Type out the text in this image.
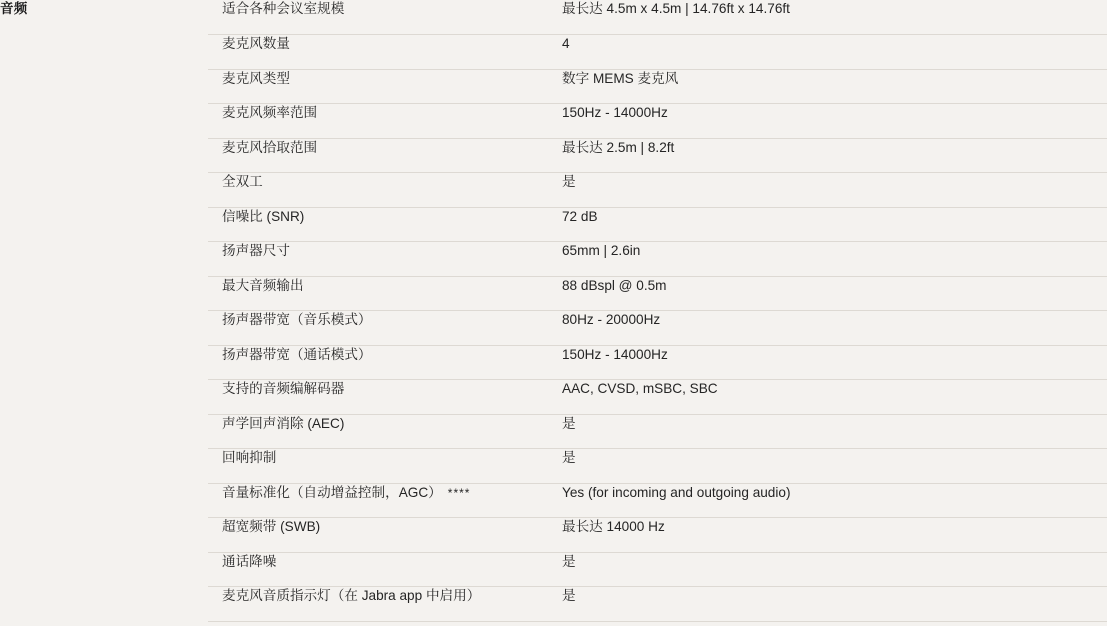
音频	适合各种会议室规模	最长达 4.5m x 4.5m | 14.76ft x 14.76ft
	麦克风数量	4
	麦克风类型	数字 MEMS 麦克风
	麦克风频率范围	150Hz - 14000Hz
	麦克风拾取范围	最长达 2.5m | 8.2ft
	全双工	是
	信噪比 (SNR)	72 dB
	扬声器尺寸	65mm | 2.6in
	最大音频输出	88 dBspl @ 0.5m
	扬声器带宽（音乐模式）	80Hz - 20000Hz
	扬声器带宽（通话模式）	150Hz - 14000Hz
	支持的音频编解码器	AAC, CVSD, mSBC, SBC
	声学回声消除 (AEC)	是
	回响抑制	是
	音量标准化（自动增益控制，AGC） ****	Yes (for incoming and outgoing audio)
	超宽频带 (SWB)	最长达 14000 Hz
	通话降噪	是
	麦克风音质指示灯（在 Jabra app 中启用）	是
